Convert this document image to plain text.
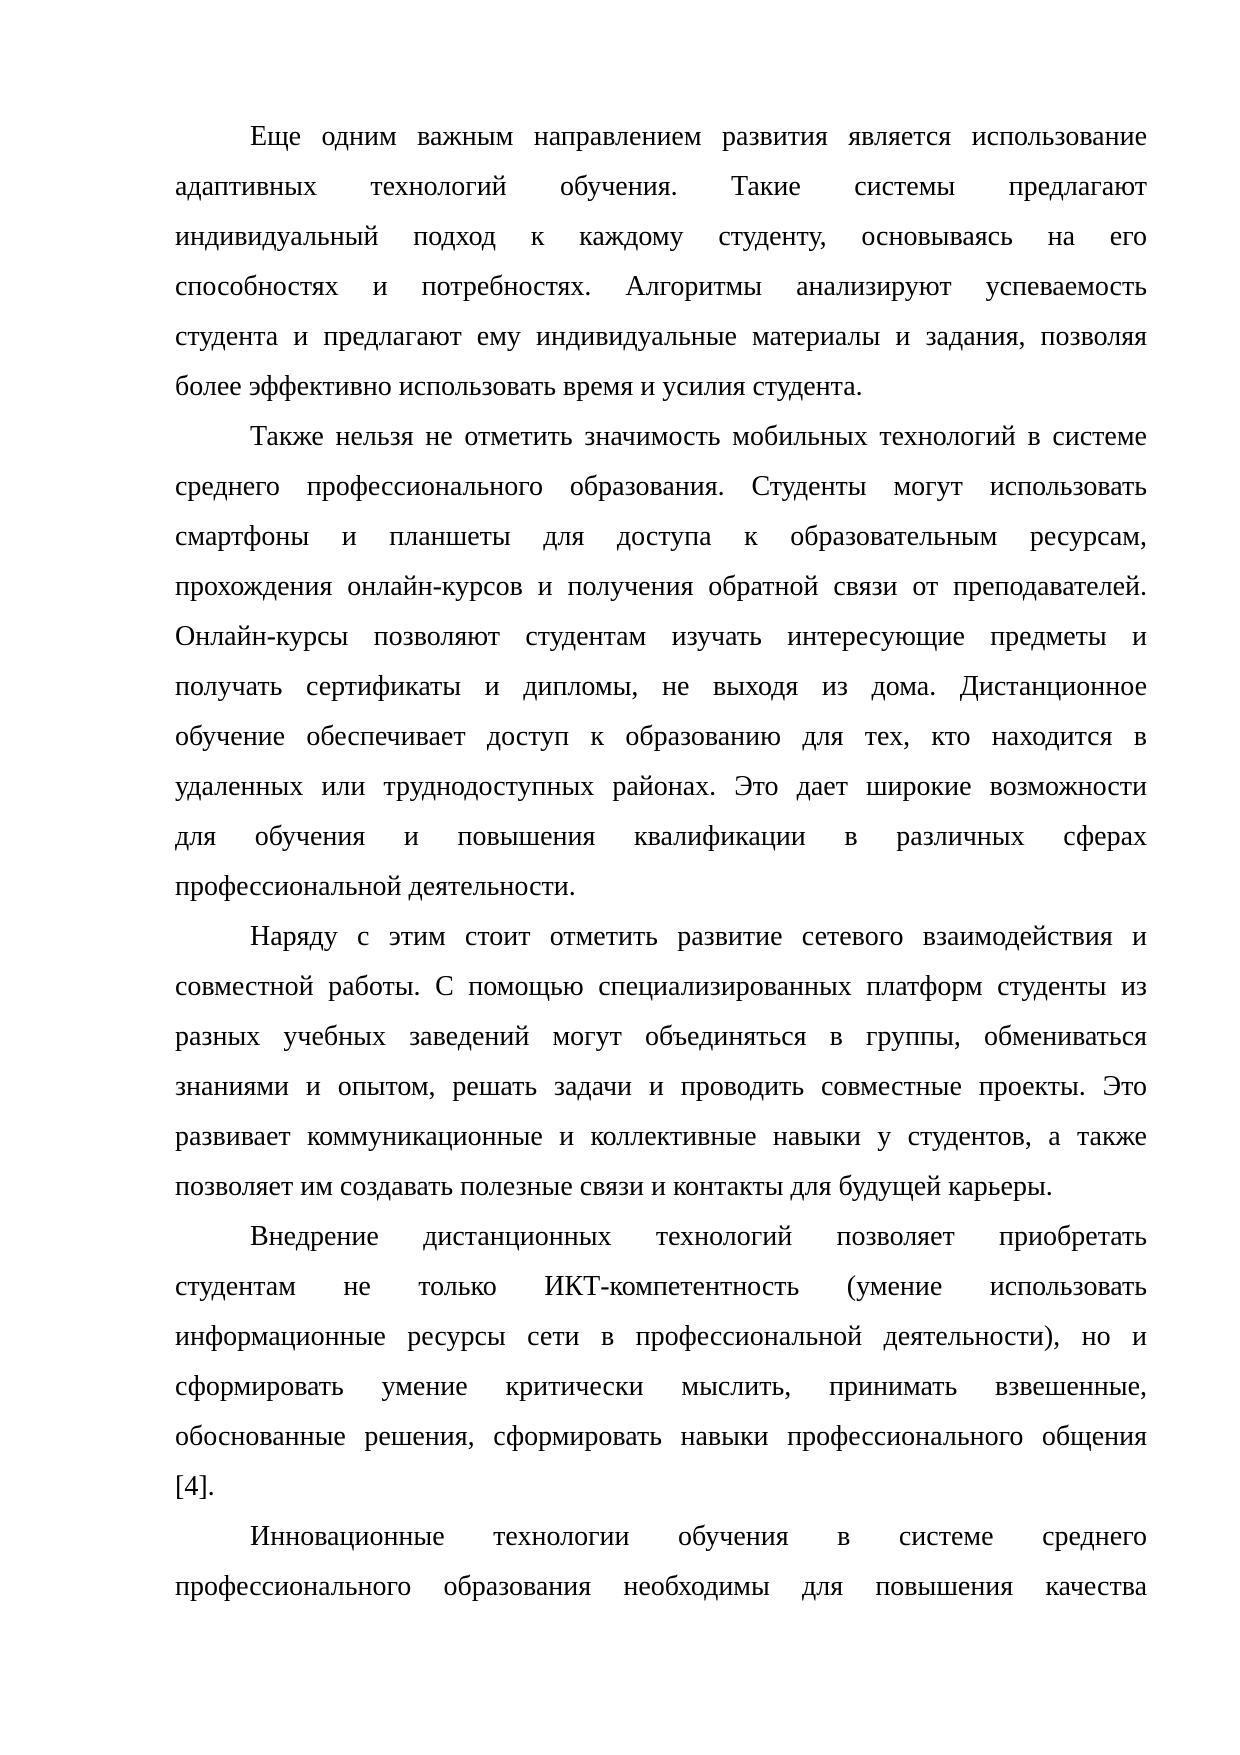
Еще одним важным направлением развития является использование
адаптивных технологий обучения. Такие системы предлагают
индивидуальный подход к каждому студенту, основываясь на его
способностях и потребностях. Алгоритмы анализируют успеваемость
студента и предлагают ему индивидуальные материалы и задания, позволяя
более эффективно использовать время и усилия студента.
Также нельзя не отметить значимость мобильных технологий в системе
среднего профессионального образования. Студенты могут использовать
смартфоны и планшеты для доступа к образовательным ресурсам,
прохождения онлайн-курсов и получения обратной связи от преподавателей.
Онлайн-курсы позволяют студентам изучать интересующие предметы и
получать сертификаты и дипломы, не выходя из дома. Дистанционное
обучение обеспечивает доступ к образованию для тех, кто находится в
удаленных или труднодоступных районах. Это дает широкие возможности
для обучения и повышения квалификации в различных сферах
профессиональной деятельности.
Наряду с этим стоит отметить развитие сетевого взаимодействия и
совместной работы. С помощью специализированных платформ студенты из
разных учебных заведений могут объединяться в группы, обмениваться
знаниями и опытом, решать задачи и проводить совместные проекты. Это
развивает коммуникационные и коллективные навыки у студентов, а также
позволяет им создавать полезные связи и контакты для будущей карьеры.
Внедрение дистанционных технологий позволяет приобретать
студентам не только ИКТ-компетентность (умение использовать
информационные ресурсы сети в профессиональной деятельности), но и
сформировать умение критически мыслить, принимать взвешенные,
обоснованные решения, сформировать навыки профессионального общения
[4].
Инновационные технологии обучения в системе среднего
профессионального образования необходимы для повышения качества
